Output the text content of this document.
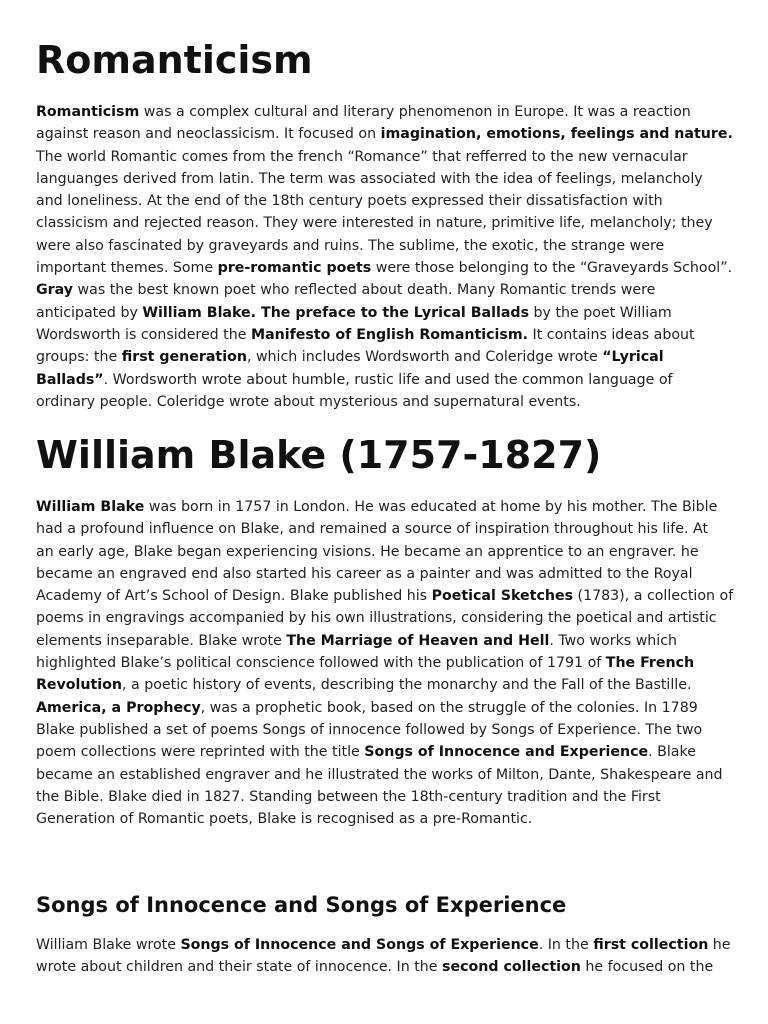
Romanticism
Romanticism was a complex cultural and literary phenomenon in Europe. It was a reaction
against reason and neoclassicism. It focused on imagination, emotions, feelings and nature.
The world Romantic comes from the french “Romance” that refferred to the new vernacular
languanges derived from latin. The term was associated with the idea of feelings, melancholy
and loneliness. At the end of the 18th century poets expressed their dissatisfaction with
classicism and rejected reason. They were interested in nature, primitive life, melancholy; they
were also fascinated by graveyards and ruins. The sublime, the exotic, the strange were
important themes. Some pre-romantic poets were those belonging to the “Graveyards School”.
Gray was the best known poet who reflected about death. Many Romantic trends were
anticipated by William Blake. The preface to the Lyrical Ballads by the poet William
Wordsworth is considered the Manifesto of English Romanticism. It contains ideas about
groups: the first generation, which includes Wordsworth and Coleridge wrote “Lyrical
Ballads”. Wordsworth wrote about humble, rustic life and used the common language of
ordinary people. Coleridge wrote about mysterious and supernatural events.
William Blake (1757-1827)
William Blake was born in 1757 in London. He was educated at home by his mother. The Bible
had a profound influence on Blake, and remained a source of inspiration throughout his life. At
an early age, Blake began experiencing visions. He became an apprentice to an engraver. he
became an engraved end also started his career as a painter and was admitted to the Royal
Academy of Art’s School of Design. Blake published his Poetical Sketches (1783), a collection of
poems in engravings accompanied by his own illustrations, considering the poetical and artistic
elements inseparable. Blake wrote The Marriage of Heaven and Hell. Two works which
highlighted Blake’s political conscience followed with the publication of 1791 of The French
Revolution, a poetic history of events, describing the monarchy and the Fall of the Bastille.
America, a Prophecy, was a prophetic book, based on the struggle of the colonies. In 1789
Blake published a set of poems Songs of innocence followed by Songs of Experience. The two
poem collections were reprinted with the title Songs of Innocence and Experience. Blake
became an established engraver and he illustrated the works of Milton, Dante, Shakespeare and
the Bible. Blake died in 1827. Standing between the 18th-century tradition and the First
Generation of Romantic poets, Blake is recognised as a pre-Romantic.
Songs of Innocence and Songs of Experience
William Blake wrote Songs of Innocence and Songs of Experience. In the first collection he
wrote about children and their state of innocence. In the second collection he focused on the
